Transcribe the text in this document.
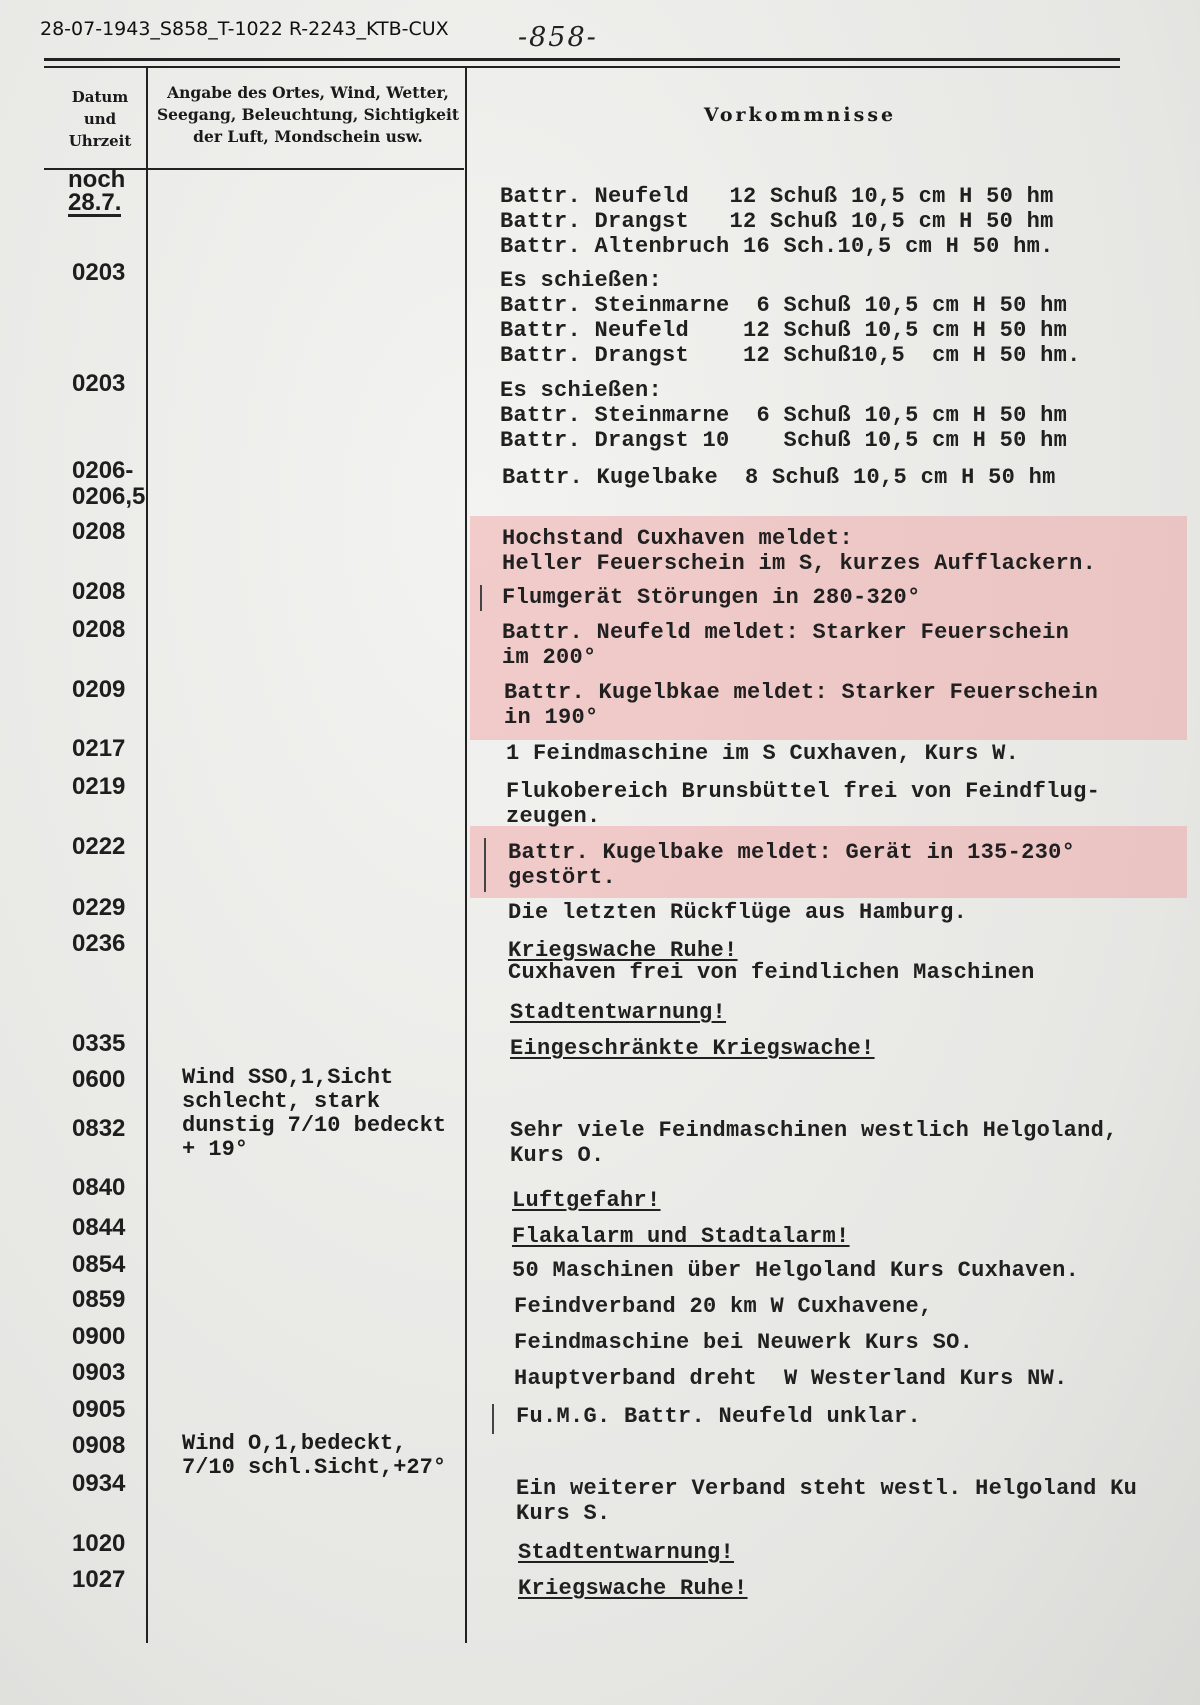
28-07-1943_S858_T-1022 R-2243_KTB-CUX	-858-
Datum
und
Uhrzeit
Angabe des Ortes, Wind, Wetter,
Seegang, Beleuchtung, Sichtigkeit
der Luft, Mondschein usw.
Vorkommnisse
noch
28.7.
0203
0203
0206-
0206,5
0208
0208
0208
0209
0217
0219
0222
0229
0236
0335
0600
0832
0840
0844
0854
0859
0900
0903
0905
0908
0934
1020
1027
Wind SSO,1,Sicht
schlecht, stark
dunstig 7/10 bedeckt
+ 19°
Wind O,1,bedeckt,
7/10 schl.Sicht,+27°
Battr. Neufeld   12 Schuß 10,5 cm H 50 hm
Battr. Drangst   12 Schuß 10,5 cm H 50 hm
Battr. Altenbruch 16 Sch.10,5 cm H 50 hm.
Es schießen:
Battr. Steinmarne  6 Schuß 10,5 cm H 50 hm
Battr. Neufeld    12 Schuß 10,5 cm H 50 hm
Battr. Drangst    12 Schuß10,5  cm H 50 hm.
Es schießen:
Battr. Steinmarne  6 Schuß 10,5 cm H 50 hm
Battr. Drangst 10    Schuß 10,5 cm H 50 hm
Battr. Kugelbake  8 Schuß 10,5 cm H 50 hm
Hochstand Cuxhaven meldet:
Heller Feuerschein im S, kurzes Aufflackern.
Flumgerät Störungen in 280-320°
Battr. Neufeld meldet: Starker Feuerschein
im 200°
Battr. Kugelbkae meldet: Starker Feuerschein
in 190°
1 Feindmaschine im S Cuxhaven, Kurs W.
Flukobereich Brunsbüttel frei von Feindflug-
zeugen.
Battr. Kugelbake meldet: Gerät in 135-230°
gestört.
Die letzten Rückflüge aus Hamburg.
Kriegswache Ruhe!
Cuxhaven frei von feindlichen Maschinen
Stadtentwarnung!
Eingeschränkte Kriegswache!
Sehr viele Feindmaschinen westlich Helgoland,
Kurs O.
Luftgefahr!
Flakalarm und Stadtalarm!
50 Maschinen über Helgoland Kurs Cuxhaven.
Feindverband 20 km W Cuxhavene,
Feindmaschine bei Neuwerk Kurs SO.
Hauptverband dreht  W Westerland Kurs NW.
Fu.M.G. Battr. Neufeld unklar.
Ein weiterer Verband steht westl. Helgoland Ku
Kurs S.
Stadtentwarnung!
Kriegswache Ruhe!
